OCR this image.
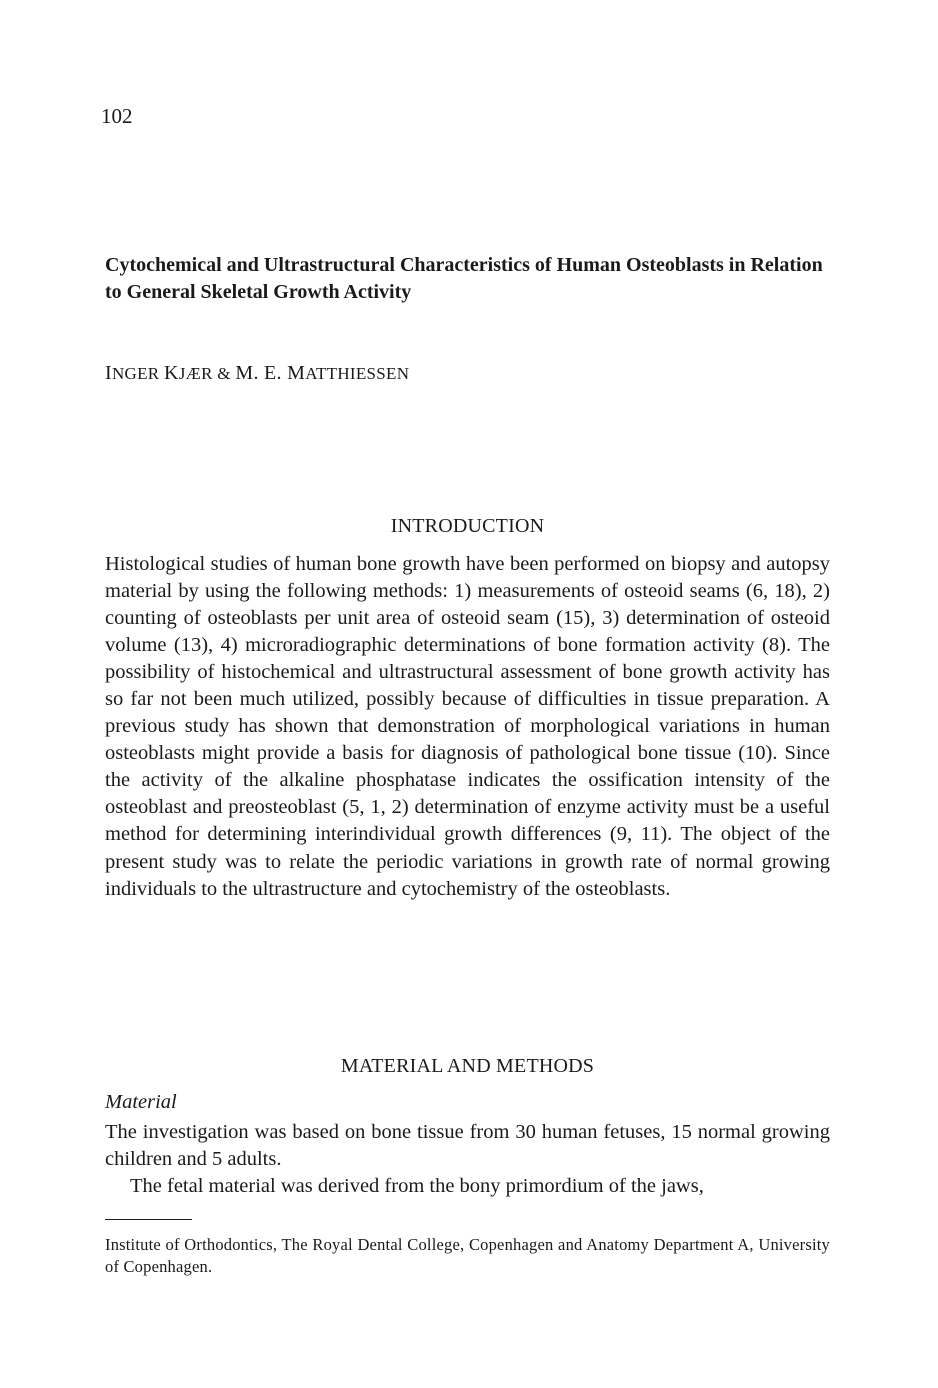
102
Cytochemical and Ultrastructural Characteristics of Human Osteoblasts in Relation to General Skeletal Growth Activity
INGER KJÆR & M. E. MATTHIESSEN
INTRODUCTION

Histological studies of human bone growth have been performed on biopsy and autopsy material by using the following methods: 1) measurements of osteoid seams (6, 18), 2) counting of osteoblasts per unit area of osteoid seam (15), 3) determination of osteoid volume (13), 4) microradiographic determinations of bone formation activity (8). The possibility of histochemical and ultrastructural assessment of bone growth activity has so far not been much utilized, possibly because of difficulties in tissue preparation. A previous study has shown that demonstration of morphological variations in human osteoblasts might provide a basis for diagnosis of pathological bone tissue (10). Since the activity of the alkaline phosphatase indicates the ossification intensity of the osteoblast and preosteoblast (5, 1, 2) determination of enzyme activity must be a useful method for determining interindividual growth differences (9, 11). The object of the present study was to relate the periodic variations in growth rate of normal growing individuals to the ultrastructure and cytochemistry of the osteoblasts.

MATERIAL AND METHODS
Material

The investigation was based on bone tissue from 30 human fetuses, 15 normal growing children and 5 adults.

The fetal material was derived from the bony primordium of the jaws,

Institute of Orthodontics, The Royal Dental College, Copenhagen and Anatomy Department A, University of Copenhagen.
